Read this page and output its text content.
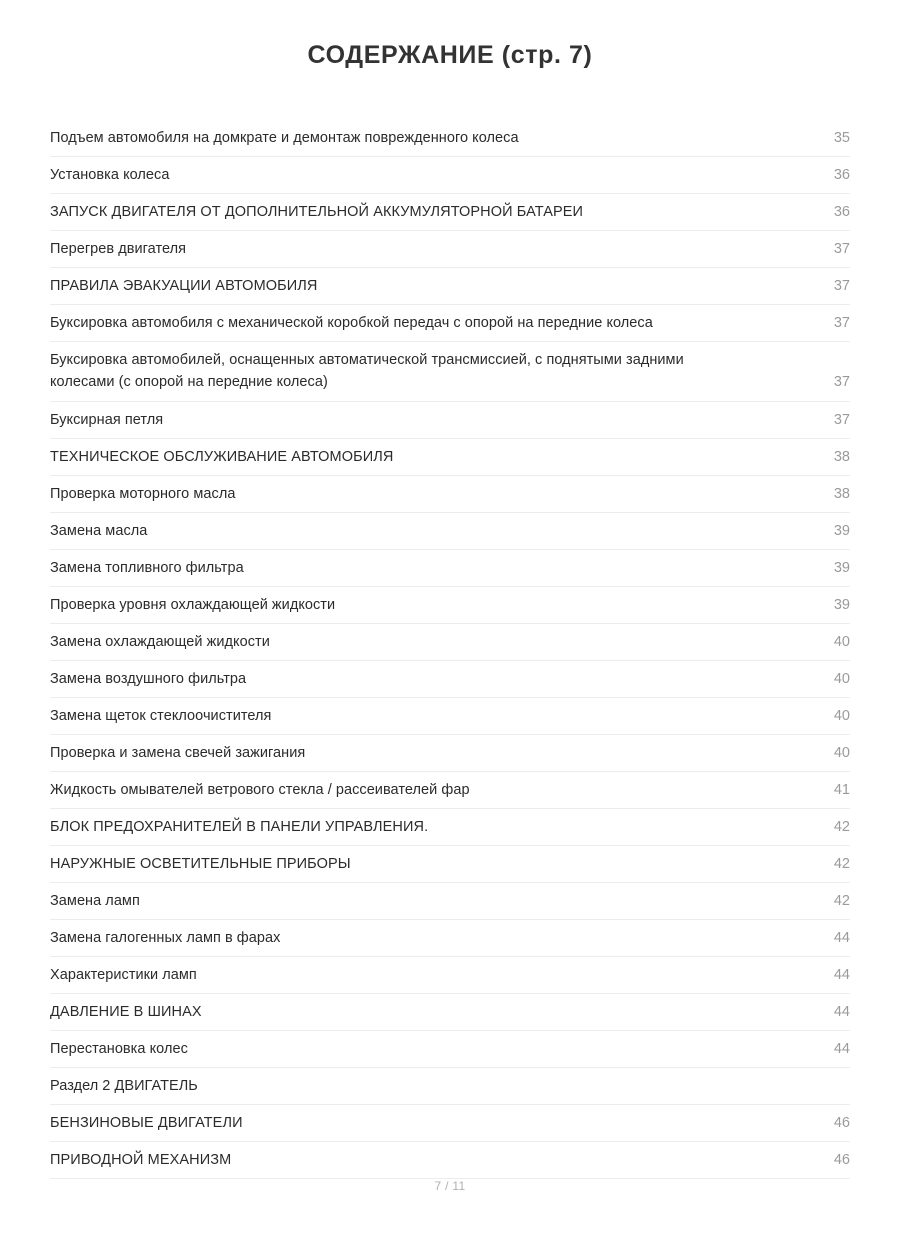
СОДЕРЖАНИЕ (стр. 7)
Подъем автомобиля на домкрате и демонтаж поврежденного колеса	35
Установка колеса	36
ЗАПУСК ДВИГАТЕЛЯ ОТ ДОПОЛНИТЕЛЬНОЙ АККУМУЛЯТОРНОЙ БАТАРЕИ	36
Перегрев двигателя	37
ПРАВИЛА ЭВАКУАЦИИ АВТОМОБИЛЯ	37
Буксировка автомобиля с механической коробкой передач с опорой на передние колеса	37
Буксировка автомобилей, оснащенных автоматической трансмиссией, с поднятыми задними колесами (с опорой на передние колеса)	37
Буксирная петля	37
ТЕХНИЧЕСКОЕ ОБСЛУЖИВАНИЕ АВТОМОБИЛЯ	38
Проверка моторного масла	38
Замена масла	39
Замена топливного фильтра	39
Проверка уровня охлаждающей жидкости	39
Замена охлаждающей жидкости	40
Замена воздушного фильтра	40
Замена щеток стеклоочистителя	40
Проверка и замена свечей зажигания	40
Жидкость омывателей ветрового стекла / рассеивателей фар	41
БЛОК ПРЕДОХРАНИТЕЛЕЙ В ПАНЕЛИ УПРАВЛЕНИЯ.	42
НАРУЖНЫЕ ОСВЕТИТЕЛЬНЫЕ ПРИБОРЫ	42
Замена ламп	42
Замена галогенных ламп в фарах	44
Характеристики ламп	44
ДАВЛЕНИЕ В ШИНАХ	44
Перестановка колес	44
Раздел 2 ДВИГАТЕЛЬ
БЕНЗИНОВЫЕ ДВИГАТЕЛИ	46
ПРИВОДНОЙ МЕХАНИЗМ	46
7 / 11
